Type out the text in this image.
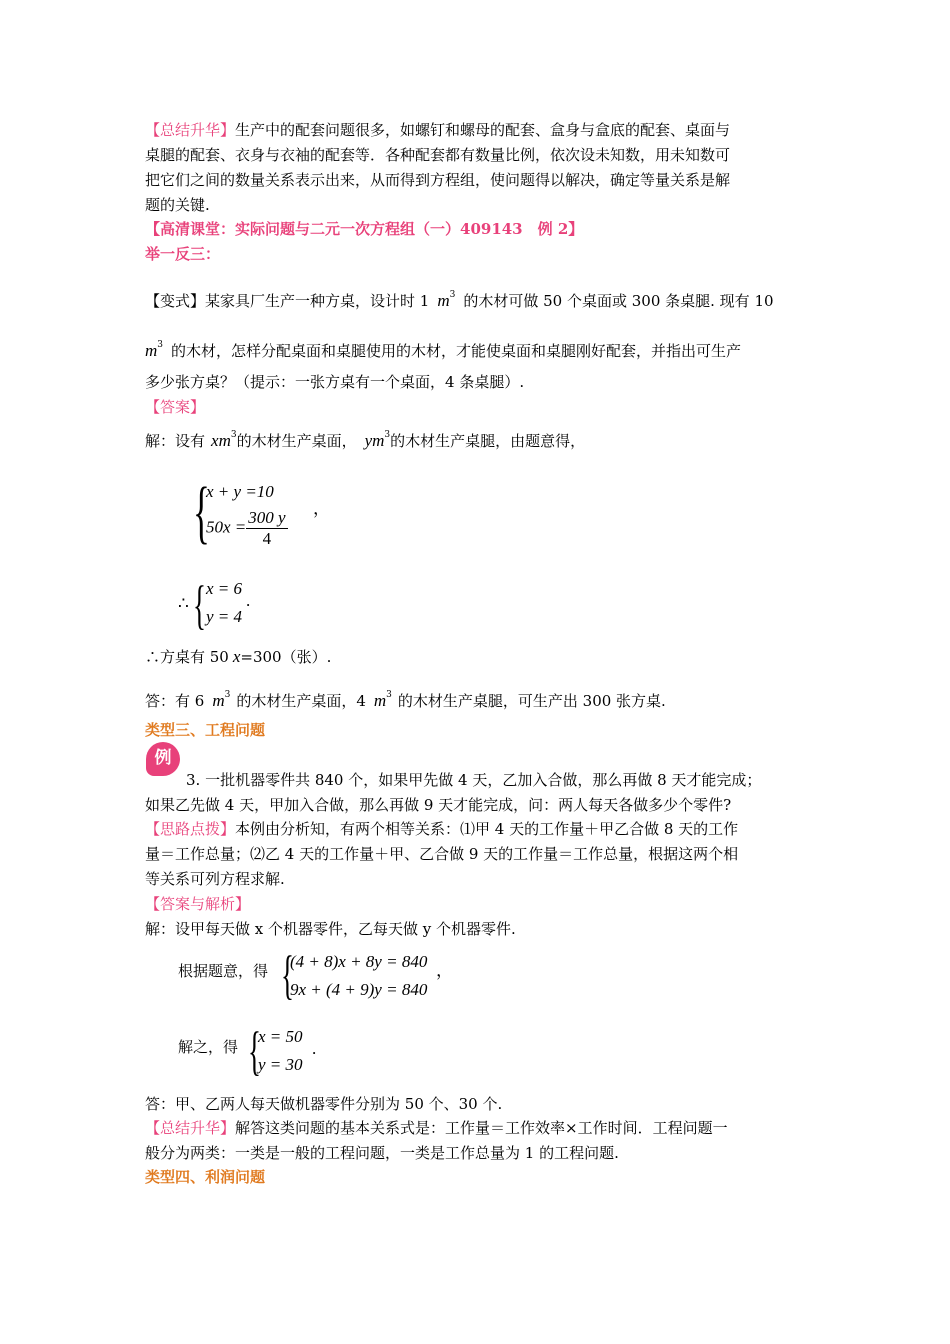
【总结升华】生产中的配套问题很多，如螺钉和螺母的配套、盒身与盒底的配套、桌面与
桌腿的配套、衣身与衣袖的配套等．各种配套都有数量比例，依次设未知数，用未知数可
把它们之间的数量关系表示出来，从而得到方程组，使问题得以解决，确定等量关系是解
题的关键.
【高清课堂：实际问题与二元一次方程组（一）409143　例 2】
举一反三：
【变式】某家具厂生产一种方桌，设计时 1 $m^3$ 的木材可做 50 个桌面或 300 条桌腿. 现有 10
$m^3$ 的木材，怎样分配桌面和桌腿使用的木材，才能使桌面和桌腿刚好配套，并指出可生产
多少张方桌？（提示：一张方桌有一个桌面，4 条桌腿）.
【答案】
解：设有 $xm^3$的木材生产桌面， $ym^3$的木材生产桌腿，由题意得，
{
x + y =10
$50x = \frac{300 y}{4}$ ，
∴ { x = 6
y = 4
.
∴方桌有 50 x=300（张）.
答：有 6 $m^3$ 的木材生产桌面，4 $m^3$ 的木材生产桌腿，可生产出 300 张方桌.
类型三、工程问题
例
3. 一批机器零件共 840 个，如果甲先做 4 天，乙加入合做，那么再做 8 天才能完成；
如果乙先做 4 天，甲加入合做，那么再做 9 天才能完成，问：两人每天各做多少个零件?
【思路点拨】本例由分析知，有两个相等关系：⑴甲 4 天的工作量＋甲乙合做 8 天的工作
量＝工作总量；⑵乙 4 天的工作量＋甲、乙合做 9 天的工作量＝工作总量，根据这两个相
等关系可列方程求解.
【答案与解析】
解：设甲每天做 x 个机器零件，乙每天做 y 个机器零件.
根据题意，得 {
(4 + 8)x + 8y = 840
9x + (4 + 9)y = 840
，
解之，得 {
x = 50
y = 30
.
答：甲、乙两人每天做机器零件分别为 50 个、30 个.
【总结升华】解答这类问题的基本关系式是：工作量＝工作效率×工作时间．工程问题一
般分为两类：一类是一般的工程问题，一类是工作总量为 1 的工程问题.
类型四、利润问题
